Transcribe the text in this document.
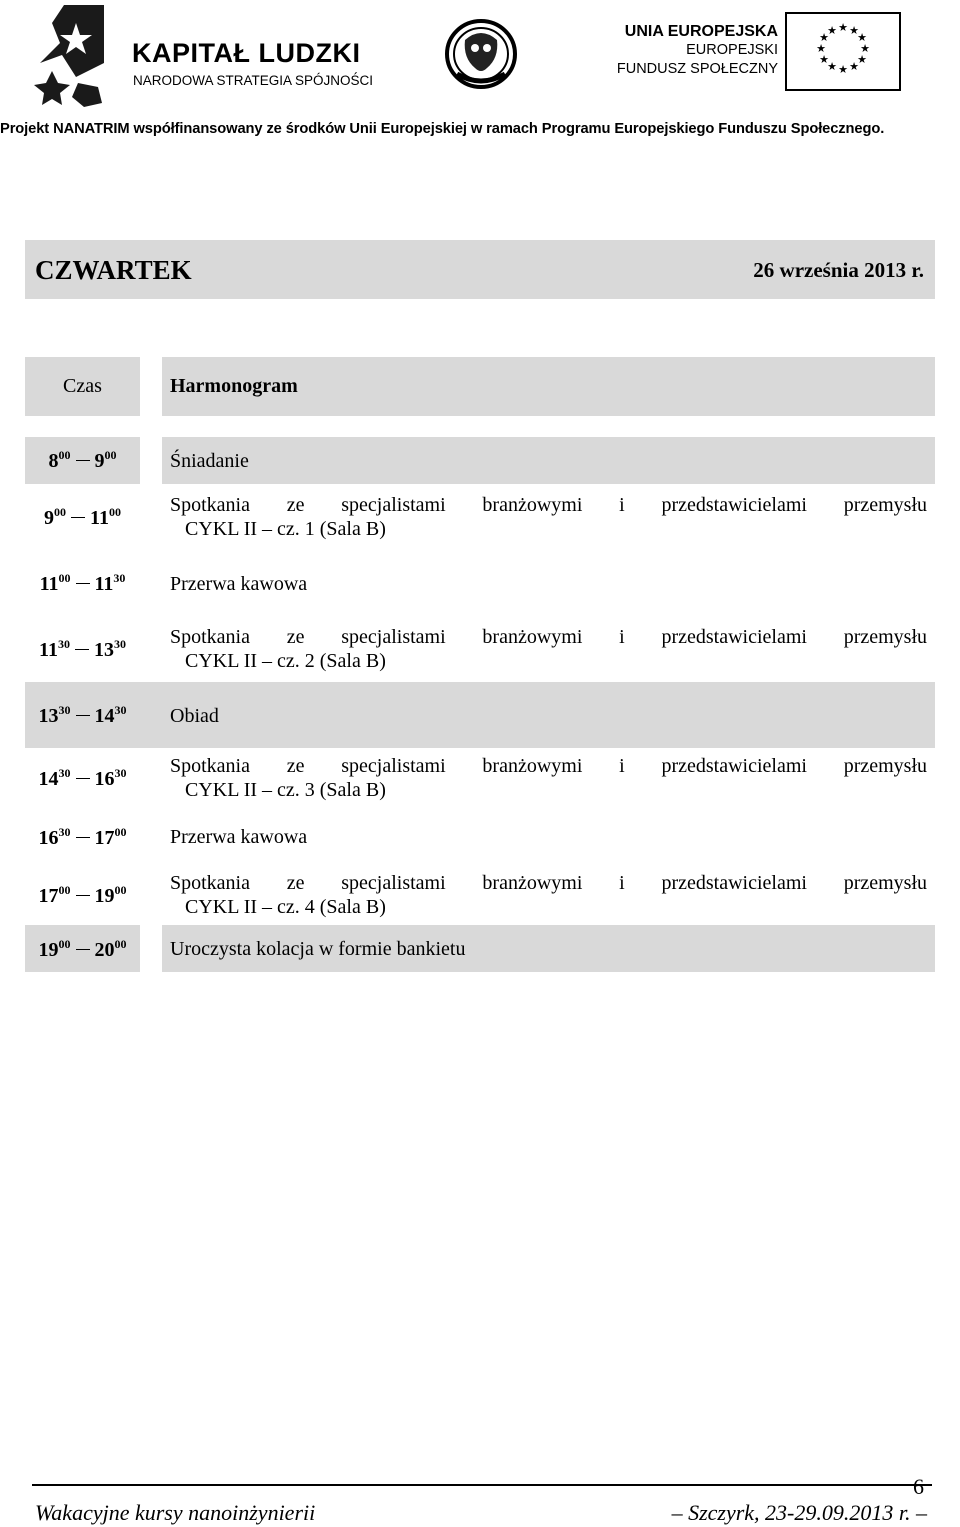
KAPITAŁ LUDZKI
NARODOWA STRATEGIA SPÓJNOŚCI
UNIA EUROPEJSKA
EUROPEJSKI
FUNDUSZ SPOŁECZNY
★ ★
★
★
★
★
★
★
★
★
★
★
Projekt NANATRIM współfinansowany ze środków Unii Europejskiej w ramach Programu Europejskiego Funduszu Społecznego.
CZWARTEK	26 września 2013 r.
Czas	Harmonogram
$8^{00}$ $9^{00}$	Śniadanie
$9^{00}$ $11^{00}$	Spotkania ze specjalistami branżowymi i przedstawicielami przemysłu
CYKL II – cz. 1 (Sala B)
$11^{00}$ $11^{30}$	Przerwa kawowa
$11^{30}$ $13^{30}$	Spotkania ze specjalistami branżowymi i przedstawicielami przemysłu
CYKL II – cz. 2 (Sala B)
$13^{30}$ $14^{30}$	Obiad
$14^{30}$ $16^{30}$	Spotkania ze specjalistami branżowymi i przedstawicielami przemysłu
CYKL II – cz. 3 (Sala B)
$16^{30}$ $17^{00}$	Przerwa kawowa
$17^{00}$ $19^{00}$	Spotkania ze specjalistami branżowymi i przedstawicielami przemysłu
CYKL II – cz. 4 (Sala B)
$19^{00}$ $20^{00}$	Uroczysta kolacja w formie bankietu
6
Wakacyjne kursy nanoinżynierii	– Szczyrk, 23-29.09.2013 r. –
